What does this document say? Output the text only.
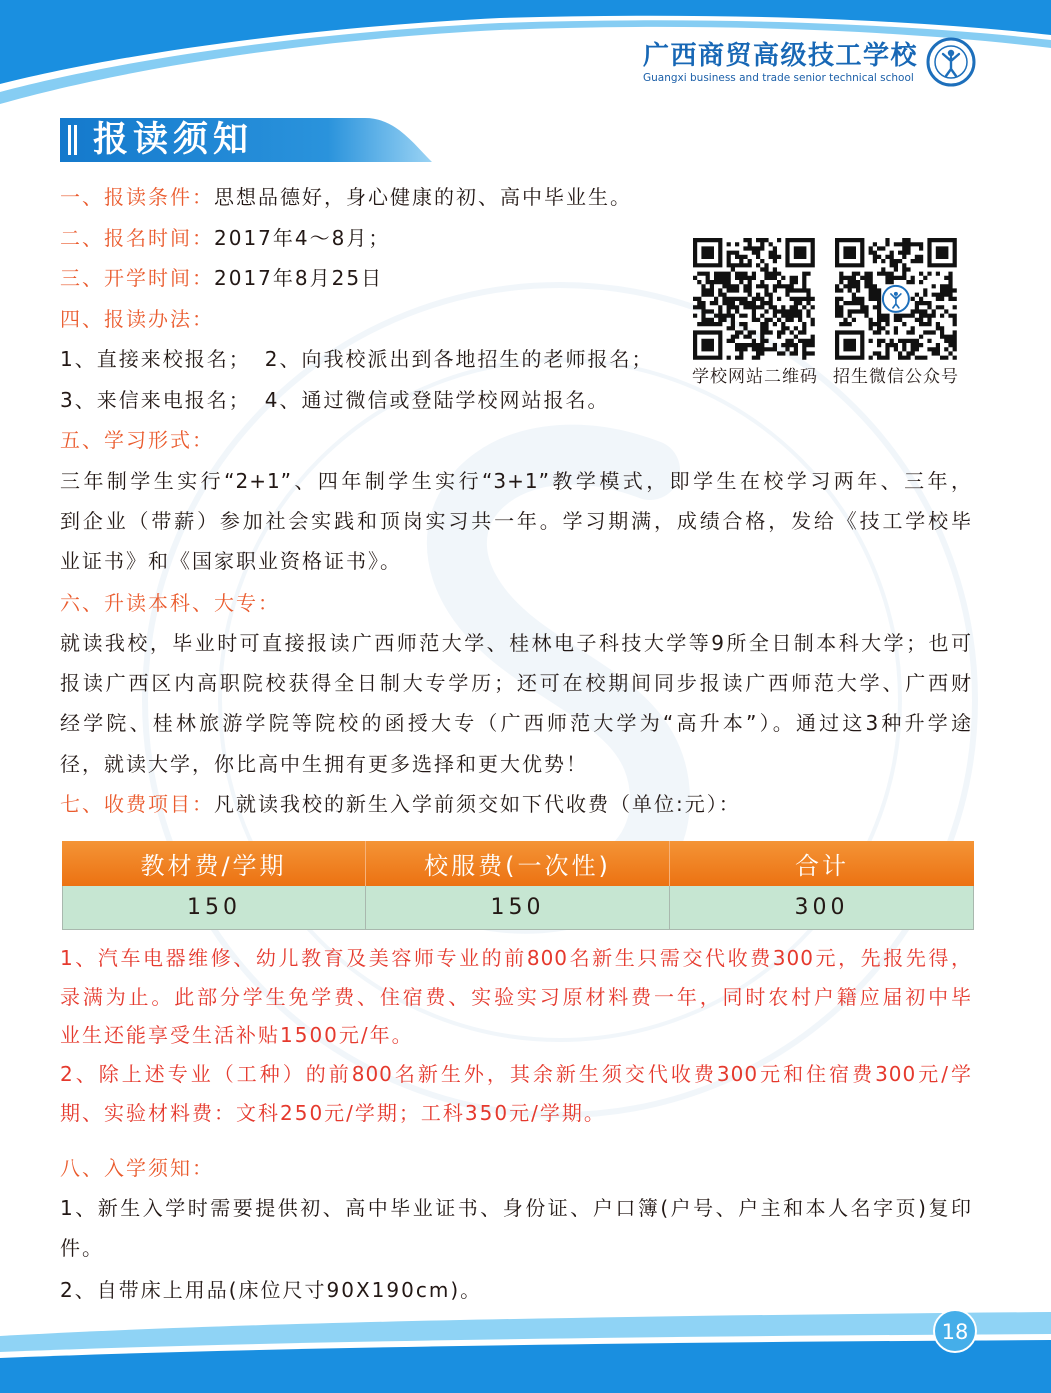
广西商贸高级技工学校
Guangxi business and trade senior technical school
报读须知
一、报读条件：思想品德好，身心健康的初、高中毕业生。
二、报名时间：2017年4～8月；
三、开学时间：2017年8月25日
四、报读办法：
1、直接来校报名； 2、向我校派出到各地招生的老师报名；
3、来信来电报名； 4、通过微信或登陆学校网站报名。
学校网站二维码 招生微信公众号
五、学习形式：
三年制学生实行“2+1”、四年制学生实行“3+1”教学模式，即学生在校学习两年、三年，
到企业（带薪）参加社会实践和顶岗实习共一年。学习期满，成绩合格，发给《技工学校毕
业证书》和《国家职业资格证书》。
六、升读本科、大专：
就读我校，毕业时可直接报读广西师范大学、桂林电子科技大学等9所全日制本科大学；也可
报读广西区内高职院校获得全日制大专学历；还可在校期间同步报读广西师范大学、广西财
经学院、桂林旅游学院等院校的函授大专（广西师范大学为“高升本”）。通过这3种升学途
径，就读大学，你比高中生拥有更多选择和更大优势！
七、收费项目：凡就读我校的新生入学前须交如下代收费（单位:元）：
教材费/学期	校服费(一次性)	合计
150	150	300
1、汽车电器维修、幼儿教育及美容师专业的前800名新生只需交代收费300元，先报先得，
录满为止。此部分学生免学费、住宿费、实验实习原材料费一年，同时农村户籍应届初中毕
业生还能享受生活补贴1500元/年。
2、除上述专业（工种）的前800名新生外，其余新生须交代收费300元和住宿费300元/学
期、实验材料费：文科250元/学期；工科350元/学期。
八、入学须知：
1、新生入学时需要提供初、高中毕业证书、身份证、户口簿(户号、户主和本人名字页)复印
件。
2、自带床上用品(床位尺寸90X190cm)。
18
